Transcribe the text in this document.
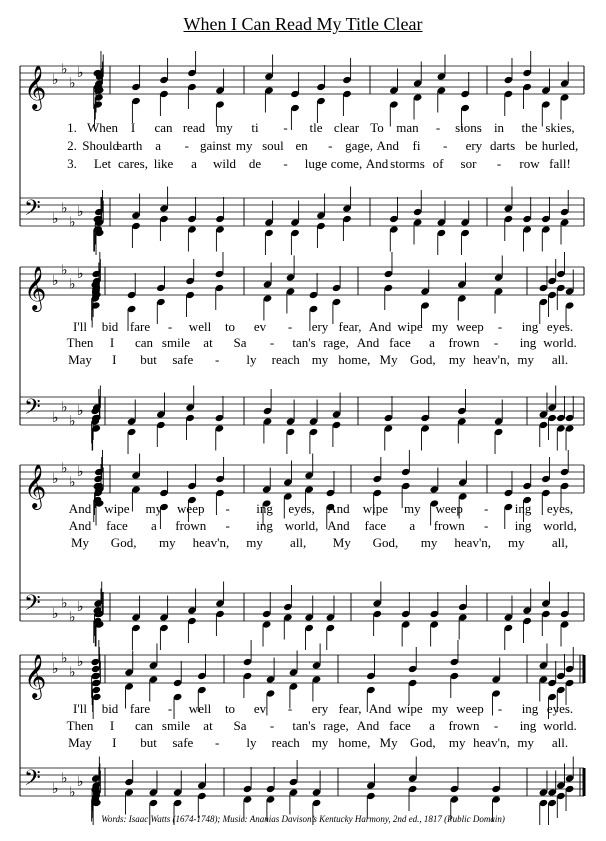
When I Can Read My Title Clear
𝄞 ♭
♭
♭
♭
𝄢 ♭
♭
♭
♭
𝄞 ♭
♭
♭
♭
𝄢 ♭
♭
♭
♭
𝄞 ♭
♭
♭
♭
𝄢 ♭
♭
♭
♭
𝄞 ♭
♭
♭
♭
𝄢 ♭
♭
♭
♭
1. When I can read my ti - tle clear To man - sions in the skies,
2. Should
earth a - gainst my soul en - gage, And fi - ery darts be hurled,
3. Let cares, like a wild de - luge come, And storms of sor - row fall!
I'll bid fare - well to ev - ery fear, And wipe my weep - ing eyes.
Then I can smile at Sa - tan's rage, And face a frown - ing world.
May I but safe - ly reach my home, My God, my heav'n, my all.
And wipe my weep - ing eyes, And wipe my weep - ing eyes,
And face a frown - ing world, And face a frown - ing world,
My God, my heav'n, my all, My God, my heav'n, my all,
I'll bid fare - well to ev - ery fear, And wipe my weep - ing eyes.
Then I can smile at Sa - tan's rage, And face a frown - ing world.
May I but safe - ly reach my home, My God, my heav'n, my all.
Words: Isaac Watts (1674-1748); Music: Ananias Davison’s Kentucky Harmony, 2nd ed., 1817 (Public Domain)
